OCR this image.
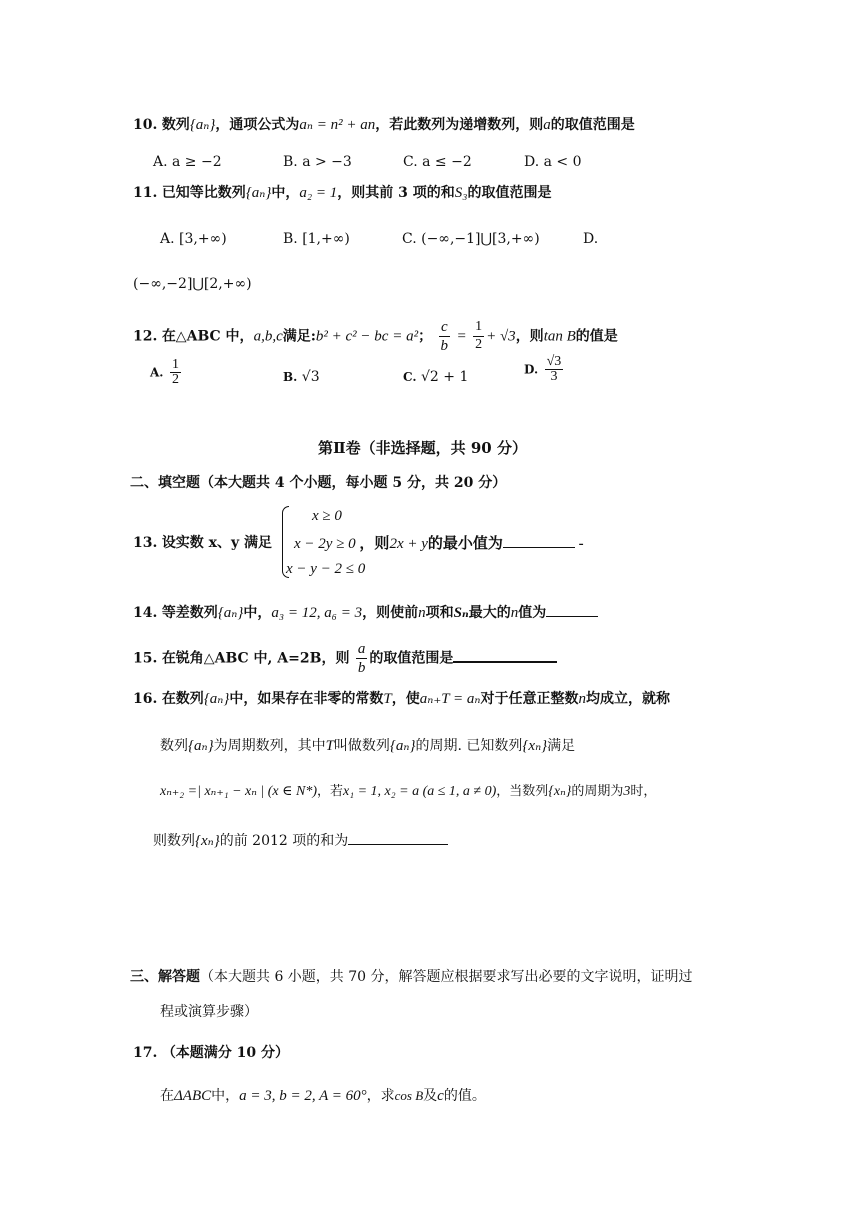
10. 数列{aₙ}，通项公式为aₙ = n² + an，若此数列为递增数列，则a的取值范围是
A. a ≥ −2	B. a > −3	C. a ≤ −2	D. a < 0
11. 已知等比数列{aₙ}中，a₂ = 1，则其前 3 项的和S₃的取值范围是
A. [3,+∞)	B. [1,+∞)	C. (−∞,−1]⋃[3,+∞)	D.
(−∞,−2]⋃[2,+∞)
12. 在△ABC 中，a,b,c满足:b² + c² − bc = a²； $\frac{c}{b} = \frac{1}{2} + √3$，则tan B的值是
A. $\frac{1}{2}$	B. √3	C. √2 + 1	D. $\frac{√3}{3}$
第Ⅱ卷（非选择题，共 90 分）
二、填空题（本大题共 4 个小题，每小题 5 分，共 20 分）
13. 设实数 x、y 满足
x ≥ 0
x − 2y ≥ 0 ，则2x + y的最小值为	-
x − y − 2 ≤ 0
14. 等差数列{aₙ}中，a₃ = 12, a₆ = 3，则使前n项和Sₙ最大的n值为
15. 在锐角△ABC 中, A=2B，则 $\frac{a}{b}$ 的取值范围是
16. 在数列{aₙ}中，如果存在非零的常数T，使aₙ₊T = aₙ对于任意正整数n均成立，就称
数列{aₙ}为周期数列，其中T叫做数列{aₙ}的周期. 已知数列{xₙ}满足
xₙ₊₂ =| xₙ₊₁ − xₙ | (x ∈ N*)，若x₁ = 1, x₂ = a (a ≤ 1, a ≠ 0)，当数列{xₙ}的周期为3时，
则数列{xₙ}的前 2012 项的和为
三、解答题（本大题共 6 小题，共 70 分，解答题应根据要求写出必要的文字说明，证明过
程或演算步骤）
17. （本题满分 10 分）
在ΔABC中，a = 3, b = 2, A = 60°，求cos B及c的值。
